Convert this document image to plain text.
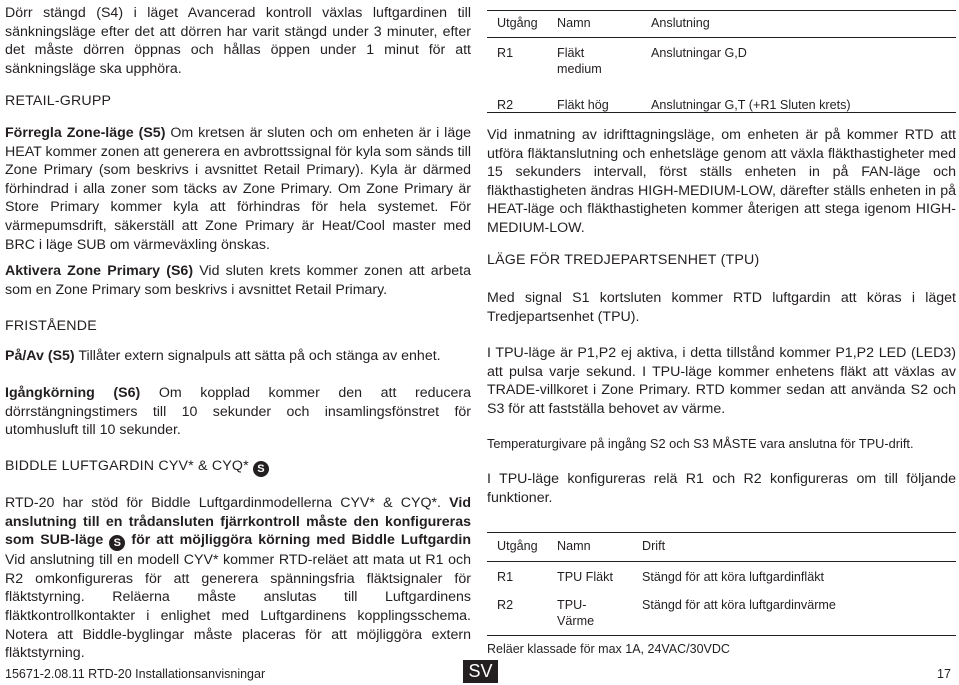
Dörr stängd (S4) i läget Avancerad kontroll växlas luftgardinen till sänkningsläge efter det att dörren har varit stängd under 3 minuter, efter det måste dörren öppnas och hållas öppen under 1 minut för att sänkningsläge ska upphöra.

RETAIL-GRUPP

Förregla Zone-läge (S5) Om kretsen är sluten och om enheten är i läge HEAT kommer zonen att generera en avbrottssignal för kyla som sänds till Zone Primary (som beskrivs i avsnittet Retail Primary). Kyla är därmed förhindrad i alla zoner som täcks av Zone Primary. Om Zone Primary är Store Primary kommer kyla att förhindras för hela systemet. För värmepumsdrift, säkerställ att Zone Primary är Heat/Cool master med BRC i läge SUB om värmeväxling önskas.

Aktivera Zone Primary (S6) Vid sluten krets kommer zonen att arbeta som en Zone Primary som beskrivs i avsnittet Retail Primary.

FRISTÅENDE

På/Av (S5) Tillåter extern signalpuls att sätta på och stänga av enhet.

Igångkörning (S6) Om kopplad kommer den att reducera dörrstängningstimers till 10 sekunder och insamlingsfönstret för utomhusluft till 10 sekunder.

BIDDLE LUFTGARDIN CYV* & CYQ* S

RTD-20 har stöd för Biddle Luftgardinmodellerna CYV* & CYQ*. Vid anslutning till en trådansluten fjärrkontroll måste den konfigureras som SUB-läge S för att möjliggöra körning med Biddle Luftgardin Vid anslutning till en modell CYV* kommer RTD-reläet att mata ut R1 och R2 omkonfigureras för att generera spänningsfria fläktsignaler för fläktstyrning. Reläerna måste anslutas till Luftgardinens fläktkontrollkontakter i enlighet med Luftgardinens kopplingsschema. Notera att Biddle-byglingar måste placeras för att möjliggöra extern fläktstyrning.

Utgång	Namn	Anslutning
R1	Fläkt medium	Anslutningar G,D
R2	Fläkt hög	Anslutningar G,T (+R1 Sluten krets)

Vid inmatning av idrifttagningsläge, om enheten är på kommer RTD att utföra fläktanslutning och enhetsläge genom att växla fläkthastigheter med 15 sekunders intervall, först ställs enheten in på FAN-läge och fläkthastigheten ändras HIGH-MEDIUM-LOW, därefter ställs enheten in på HEAT-läge och fläkthastigheten kommer återigen att stega igenom HIGH-MEDIUM-LOW.

LÄGE FÖR TREDJEPARTSENHET (TPU)

Med signal S1 kortsluten kommer RTD luftgardin att köras i läget Tredjepartsenhet (TPU).

I TPU-läge är P1,P2 ej aktiva, i detta tillstånd kommer P1,P2 LED (LED3) att pulsa varje sekund. I TPU-läge kommer enhetens fläkt att växlas av TRADE-villkoret i Zone Primary. RTD kommer sedan att använda S2 och S3 för att fastställa behovet av värme.

Temperaturgivare på ingång S2 och S3 MÅSTE vara anslutna för TPU-drift.

I TPU-läge konfigureras relä R1 och R2 konfigureras om till följande funktioner.

Utgång	Namn	Drift
R1	TPU Fläkt	Stängd för att köra luftgardinfläkt
R2	TPU-Värme	Stängd för att köra luftgardinvärme
Reläer klassade för max 1A, 24VAC/30VDC
15671-2.08.11 RTD-20 Installationsanvisningar	SV	17
